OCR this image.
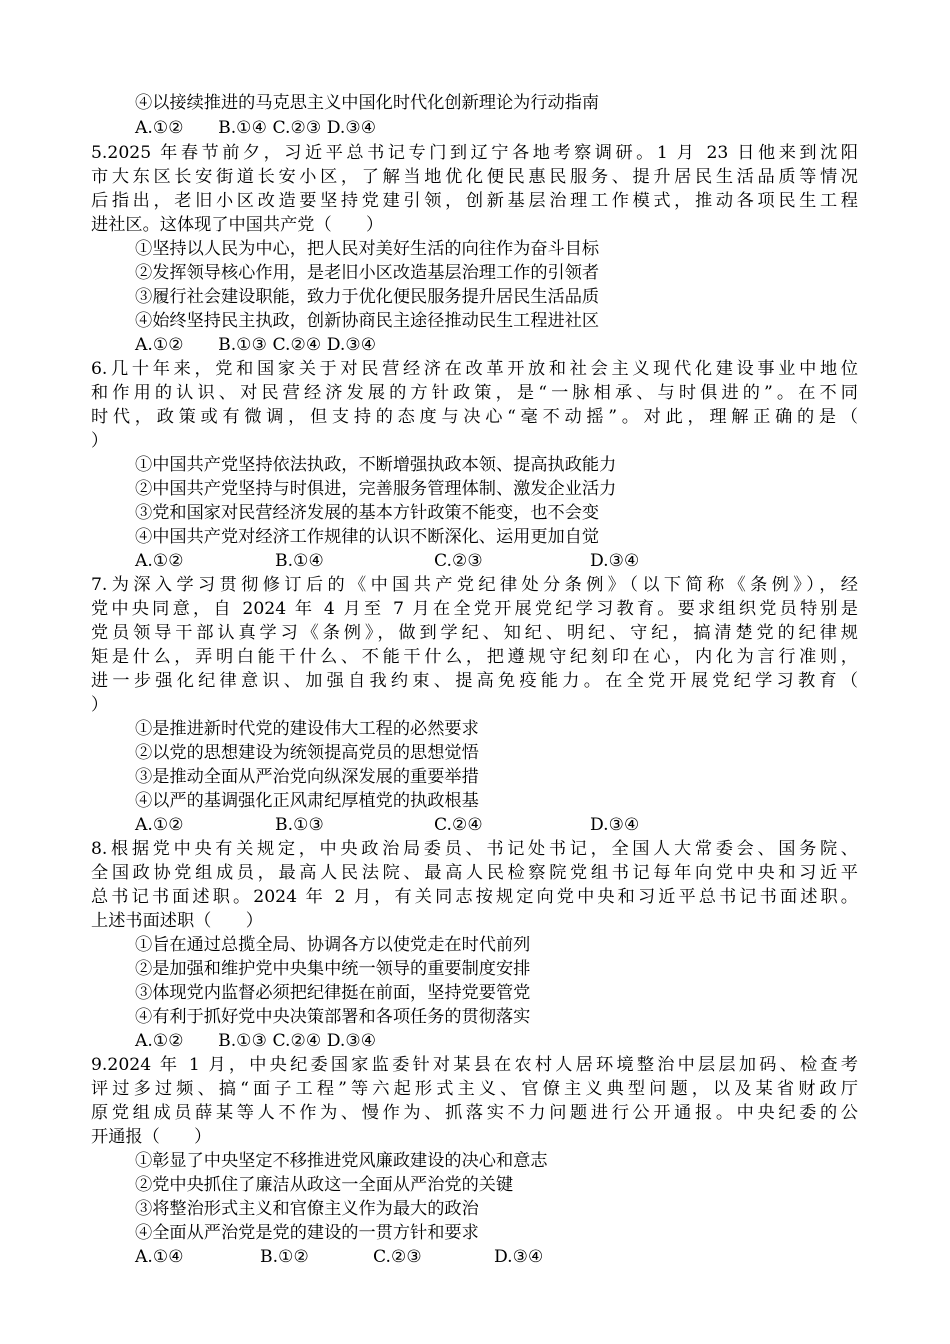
④以接续推进的马克思主义中国化时代化创新理论为行动指南
A.①②　　B.①④ C.②③ D.③④
5.2025 年春节前夕，习近平总书记专门到辽宁各地考察调研。1 月 23 日他来到沈阳
市大东区长安街道长安小区，了解当地优化便民惠民服务、提升居民生活品质等情况
后指出，老旧小区改造要坚持党建引领，创新基层治理工作模式，推动各项民生工程
进社区。这体现了中国共产党（　　）
①坚持以人民为中心，把人民对美好生活的向往作为奋斗目标
②发挥领导核心作用，是老旧小区改造基层治理工作的引领者
③履行社会建设职能，致力于优化便民服务提升居民生活品质
④始终坚持民主执政，创新协商民主途径推动民生工程进社区
A.①②　　B.①③ C.②④ D.③④
6.几十年来，党和国家关于对民营经济在改革开放和社会主义现代化建设事业中地位
和作用的认识、对民营经济发展的方针政策，是“一脉相承、与时俱进的”。在不同
时代，政策或有微调，但支持的态度与决心“毫不动摇”。对此，理解正确的是（
）
①中国共产党坚持依法执政，不断增强执政本领、提高执政能力
②中国共产党坚持与时俱进，完善服务管理体制、激发企业活力
③党和国家对民营经济发展的基本方针政策不能变，也不会变
④中国共产党对经济工作规律的认识不断深化、运用更加自觉
A.①②	B.①④	C.②③	D.③④
7.为深入学习贯彻修订后的《中国共产党纪律处分条例》（以下简称《条例》），经
党中央同意，自 2024 年 4 月至 7 月在全党开展党纪学习教育。要求组织党员特别是
党员领导干部认真学习《条例》，做到学纪、知纪、明纪、守纪，搞清楚党的纪律规
矩是什么，弄明白能干什么、不能干什么，把遵规守纪刻印在心，内化为言行准则，
进一步强化纪律意识、加强自我约束、提高免疫能力。在全党开展党纪学习教育（
）
①是推进新时代党的建设伟大工程的必然要求
②以党的思想建设为统领提高党员的思想觉悟
③是推动全面从严治党向纵深发展的重要举措
④以严的基调强化正风肃纪厚植党的执政根基
A.①②	B.①③	C.②④	D.③④
8.根据党中央有关规定，中央政治局委员、书记处书记，全国人大常委会、国务院、
全国政协党组成员，最高人民法院、最高人民检察院党组书记每年向党中央和习近平
总书记书面述职。2024 年 2 月，有关同志按规定向党中央和习近平总书记书面述职。
上述书面述职（　　）
①旨在通过总揽全局、协调各方以使党走在时代前列
②是加强和维护党中央集中统一领导的重要制度安排
③体现党内监督必须把纪律挺在前面，坚持党要管党
④有利于抓好党中央决策部署和各项任务的贯彻落实
A.①②　　B.①③ C.②④ D.③④
9.2024 年 1 月，中央纪委国家监委针对某县在农村人居环境整治中层层加码、检查考
评过多过频、搞“面子工程”等六起形式主义、官僚主义典型问题，以及某省财政厅
原党组成员薛某等人不作为、慢作为、抓落实不力问题进行公开通报。中央纪委的公
开通报（　　）
①彰显了中央坚定不移推进党风廉政建设的决心和意志
②党中央抓住了廉洁从政这一全面从严治党的关键
③将整治形式主义和官僚主义作为最大的政治
④全面从严治党是党的建设的一贯方针和要求
A.①④	B.①②	C.②③	D.③④
